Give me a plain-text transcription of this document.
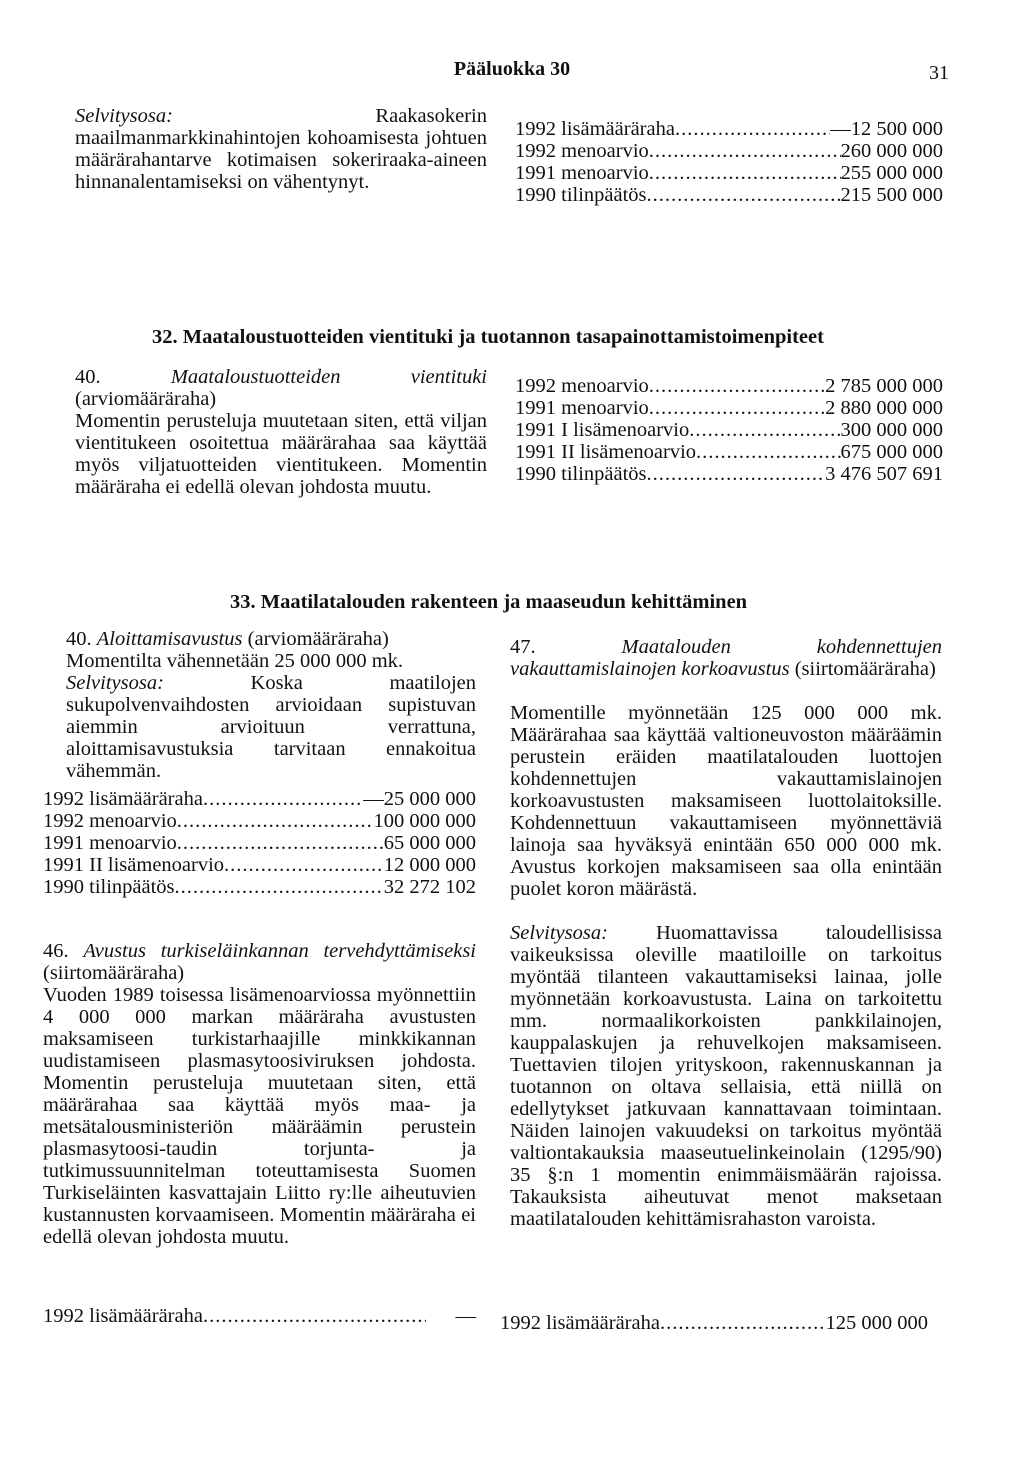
Pääluokka 30	31
Selvitysosa:	Raakasokerin maailmanmarkkinahintojen kohoamisesta johtuen määrärahantarve kotimaisen sokeriraaka-aineen hinnanalentamiseksi on vähentynyt.
1992 lisämääräraha .....	—12 500 000
1992 menoarvio .....	260 000 000
1991 menoarvio .....	255 000 000
1990 tilinpäätös .....	215 500 000
32. Maataloustuotteiden vientituki ja tuotannon tasapainottamistoimenpiteet

40.	Maataloustuotteiden vientituki (arviomääräraha)

Momentin perusteluja muutetaan siten, että viljan vientitukeen osoitettua määrärahaa saa käyttää myös viljatuotteiden vientitukeen. Momentin määräraha ei edellä olevan johdosta muutu.

1992 menoarvio .....	2 785 000 000
1991 menoarvio .....	2 880 000 000
1991 I lisämenoarvio .....	300 000 000
1991 II lisämenoarvio .....	675 000 000
1990 tilinpäätös .....	3 476 507 691
33. Maatilatalouden rakenteen ja maaseudun kehittäminen

40. Aloittamisavustus (arviomääräraha)

Momentilta vähennetään 25 000 000 mk.

Selvitysosa:	Koska maatilojen sukupolvenvaihdosten arvioidaan supistuvan aiemmin arvioituun verrattuna, aloittamisavustuksia tarvitaan ennakoitua vähemmän.

1992 lisämääräraha .....	—25 000 000
1992 menoarvio .....	100 000 000
1991 menoarvio .....	65 000 000
1991 II lisämenoarvio .....	12 000 000
1990 tilinpäätös .....	32 272 102

46. Avustus turkiseläinkannan tervehdyttämiseksi (siirtomääräraha)

Vuoden 1989 toisessa lisämenoarviossa myönnettiin 4 000 000 markan määräraha avustusten maksamiseen turkistarhaajille minkkikannan uudistamiseen plasmasytoosiviruksen johdosta. Momentin perusteluja muutetaan siten, että määrärahaa saa käyttää myös maa- ja metsätalousministeriön määräämin perustein plasmasytoosi-taudin torjunta- ja tutkimussuunnitelman toteuttamisesta Suomen Turkiseläinten kasvattajain Liitto ry:lle aiheutuvien kustannusten korvaamiseen. Momentin määräraha ei edellä olevan johdosta muutu.

1992 lisämääräraha .....	—

47.	Maatalouden kohdennettujen vakauttamislainojen korkoavustus (siirtomääräraha)

Momentille myönnetään 125 000 000 mk. Määrärahaa saa käyttää valtioneuvoston määräämin perustein eräiden maatilatalouden luottojen kohdennettujen vakauttamislainojen korkoavustusten maksamiseen luottolaitoksille. Kohdennettuun vakauttamiseen myönnettäviä lainoja saa hyväksyä enintään 650 000 000 mk. Avustus korkojen maksamiseen saa olla enintään puolet koron määrästä.

Selvitysosa: Huomattavissa taloudellisissa vaikeuksissa oleville maatiloille on tarkoitus myöntää tilanteen vakauttamiseksi lainaa, jolle myönnetään korkoavustusta. Laina on tarkoitettu mm. normaalikorkoisten pankkilainojen, kauppalaskujen ja rehuvelkojen maksamiseen. Tuettavien tilojen yrityskoon, rakennuskannan ja tuotannon on oltava sellaisia, että niillä on edellytykset jatkuvaan kannattavaan toimintaan. Näiden lainojen vakuudeksi on tarkoitus myöntää valtiontakauksia maaseutuelinkeinolain (1295/90) 35 §:n 1 momentin enimmäismäärän rajoissa. Takauksista aiheutuvat menot maksetaan maatilatalouden kehittämisrahaston varoista.

1992 lisämääräraha .....	125 000 000
